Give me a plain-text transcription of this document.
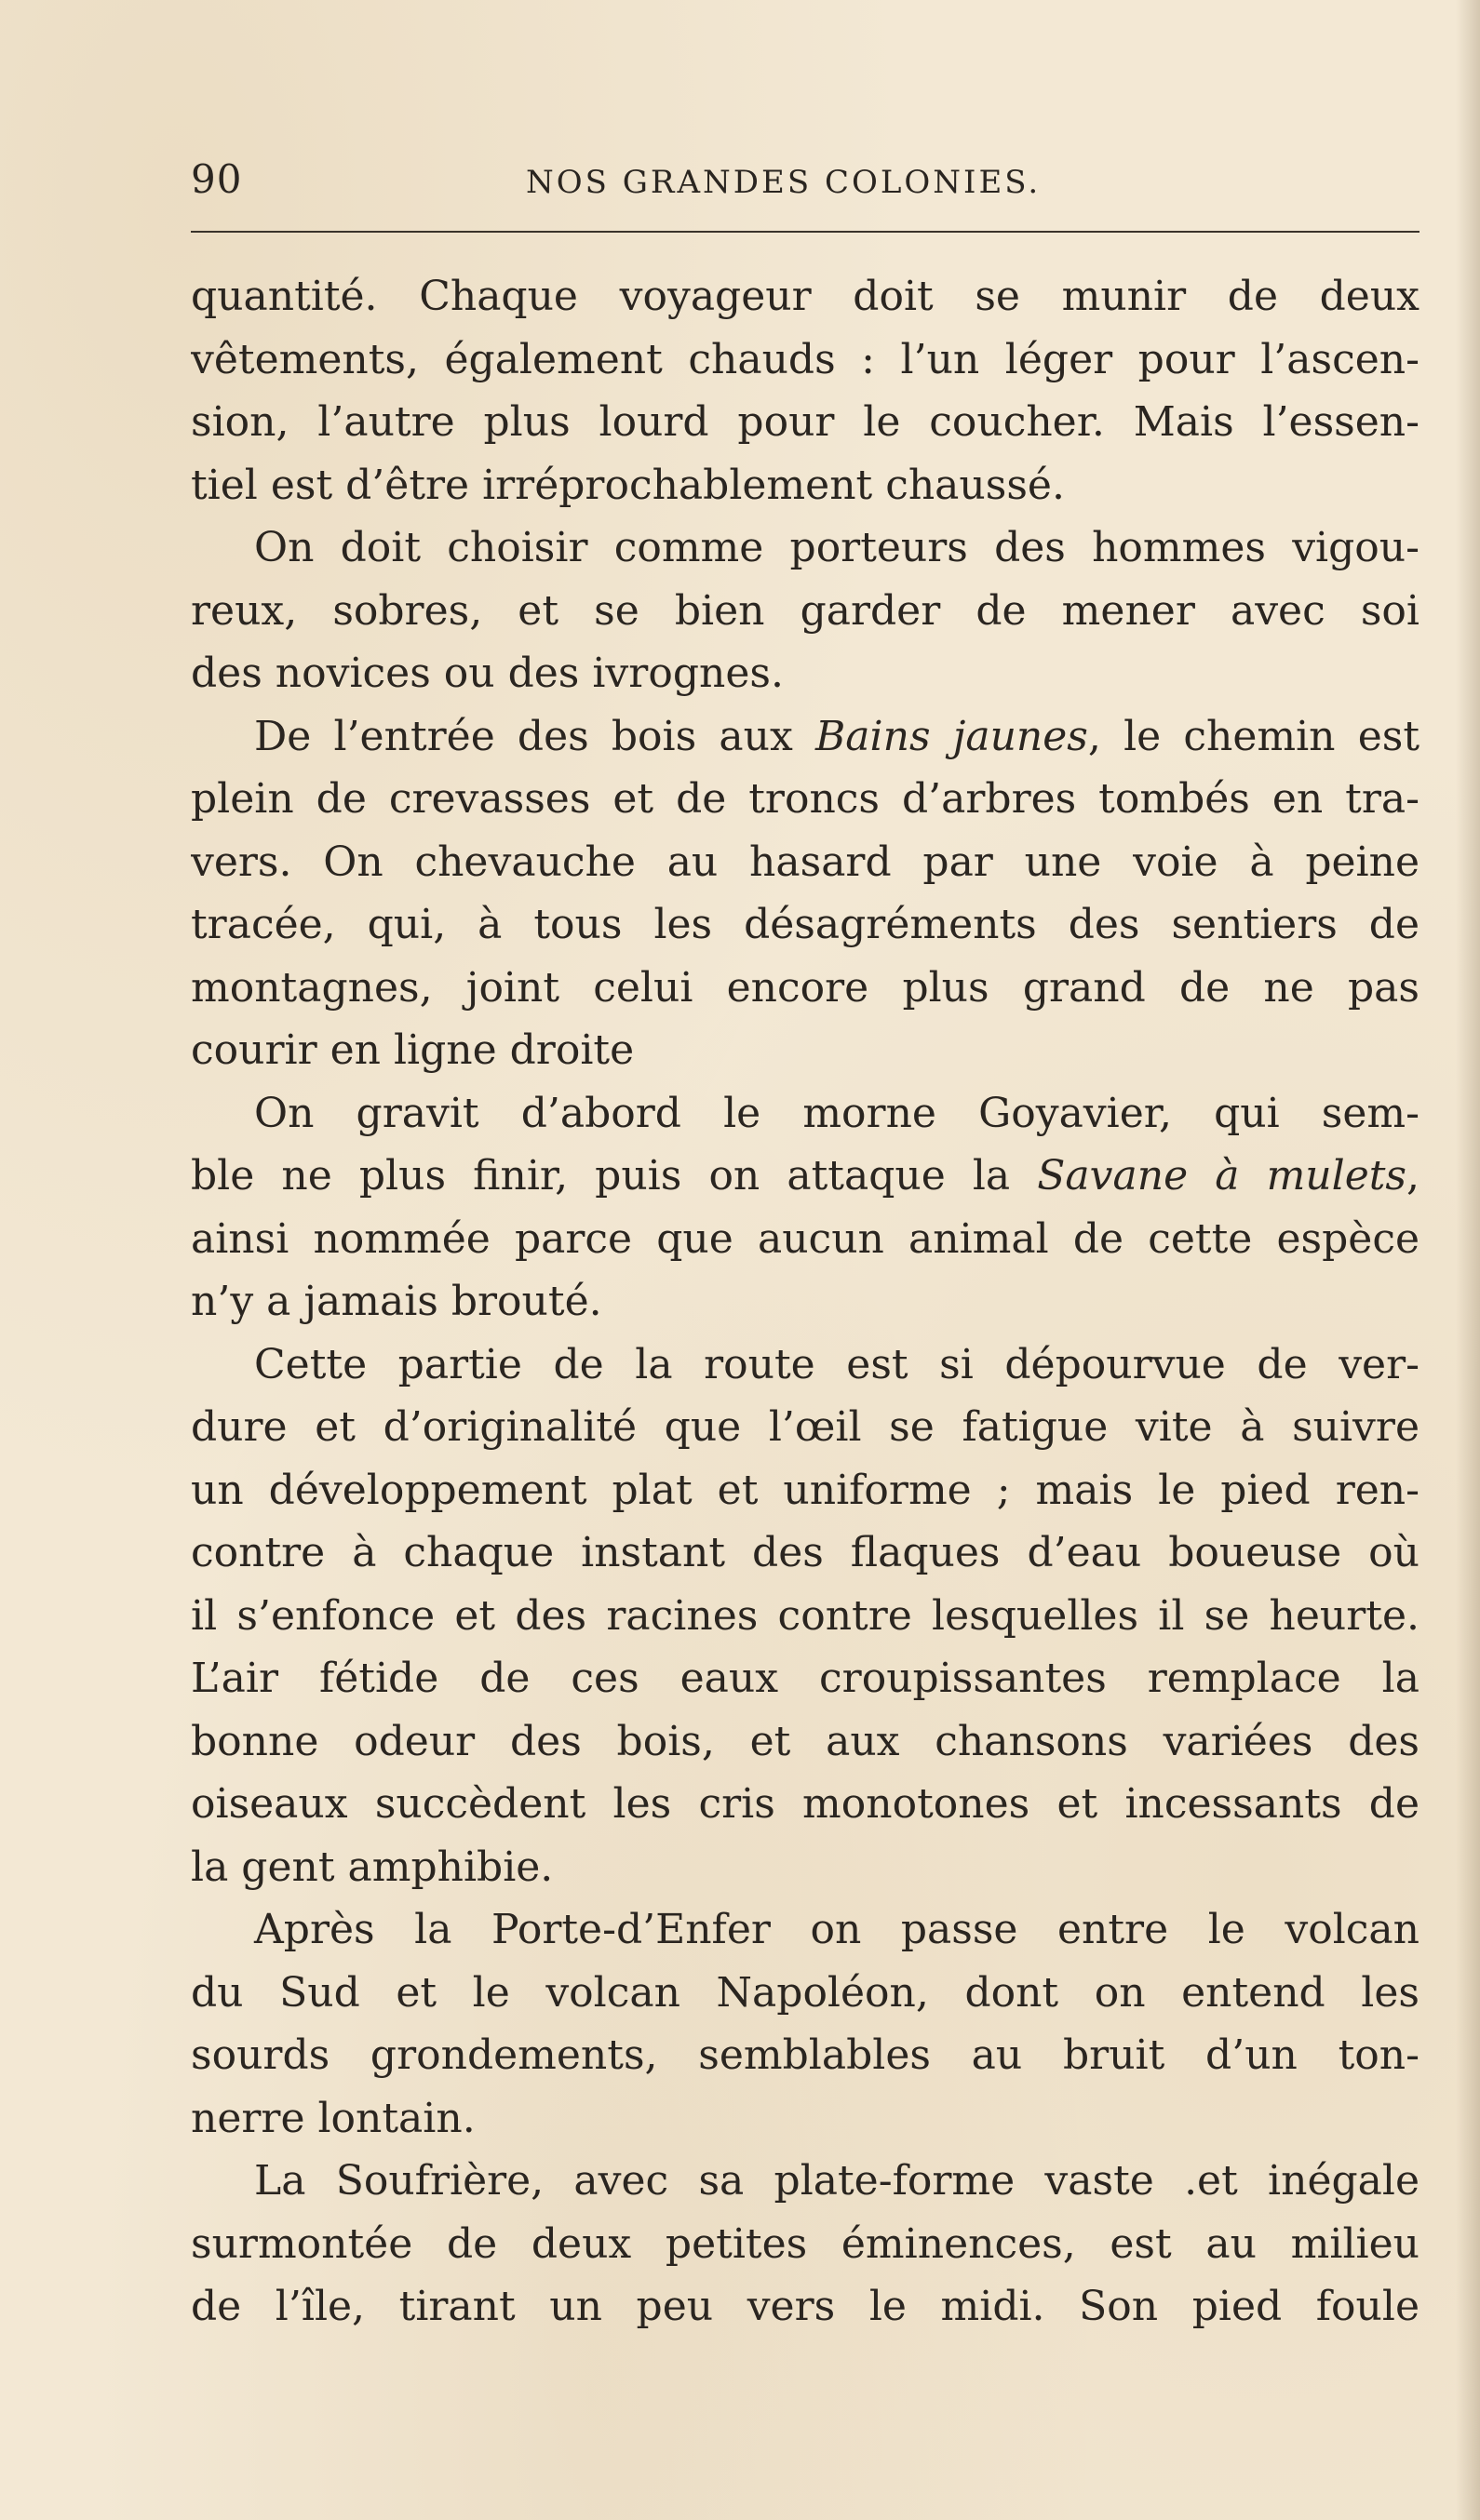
90	NOS GRANDES COLONIES.
quantité. Chaque voyageur doit se munir de deux
vêtements, également chauds : l’un léger pour l’ascen-
sion, l’autre plus lourd pour le coucher. Mais l’essen-
tiel est d’être irréprochablement chaussé.
On doit choisir comme porteurs des hommes vigou-
reux, sobres, et se bien garder de mener avec soi
des novices ou des ivrognes.
De l’entrée des bois aux Bains jaunes, le chemin est
plein de crevasses et de troncs d’arbres tombés en tra-
vers. On chevauche au hasard par une voie à peine
tracée, qui, à tous les désagréments des sentiers de
montagnes, joint celui encore plus grand de ne pas
courir en ligne droite
On gravit d’abord le morne Goyavier, qui sem-
ble ne plus finir, puis on attaque la Savane à mulets,
ainsi nommée parce que aucun animal de cette espèce
n’y a jamais brouté.
Cette partie de la route est si dépourvue de ver-
dure et d’originalité que l’œil se fatigue vite à suivre
un développement plat et uniforme ; mais le pied ren-
contre à chaque instant des flaques d’eau boueuse où
il s’enfonce et des racines contre lesquelles il se heurte.
L’air fétide de ces eaux croupissantes remplace la
bonne odeur des bois, et aux chansons variées des
oiseaux succèdent les cris monotones et incessants de
la gent amphibie.
Après la Porte-d’Enfer on passe entre le volcan
du Sud et le volcan Napoléon, dont on entend les
sourds grondements, semblables au bruit d’un ton-
nerre lontain.
La Soufrière, avec sa plate-forme vaste .et inégale
surmontée de deux petites éminences, est au milieu
de l’île, tirant un peu vers le midi. Son pied foule
